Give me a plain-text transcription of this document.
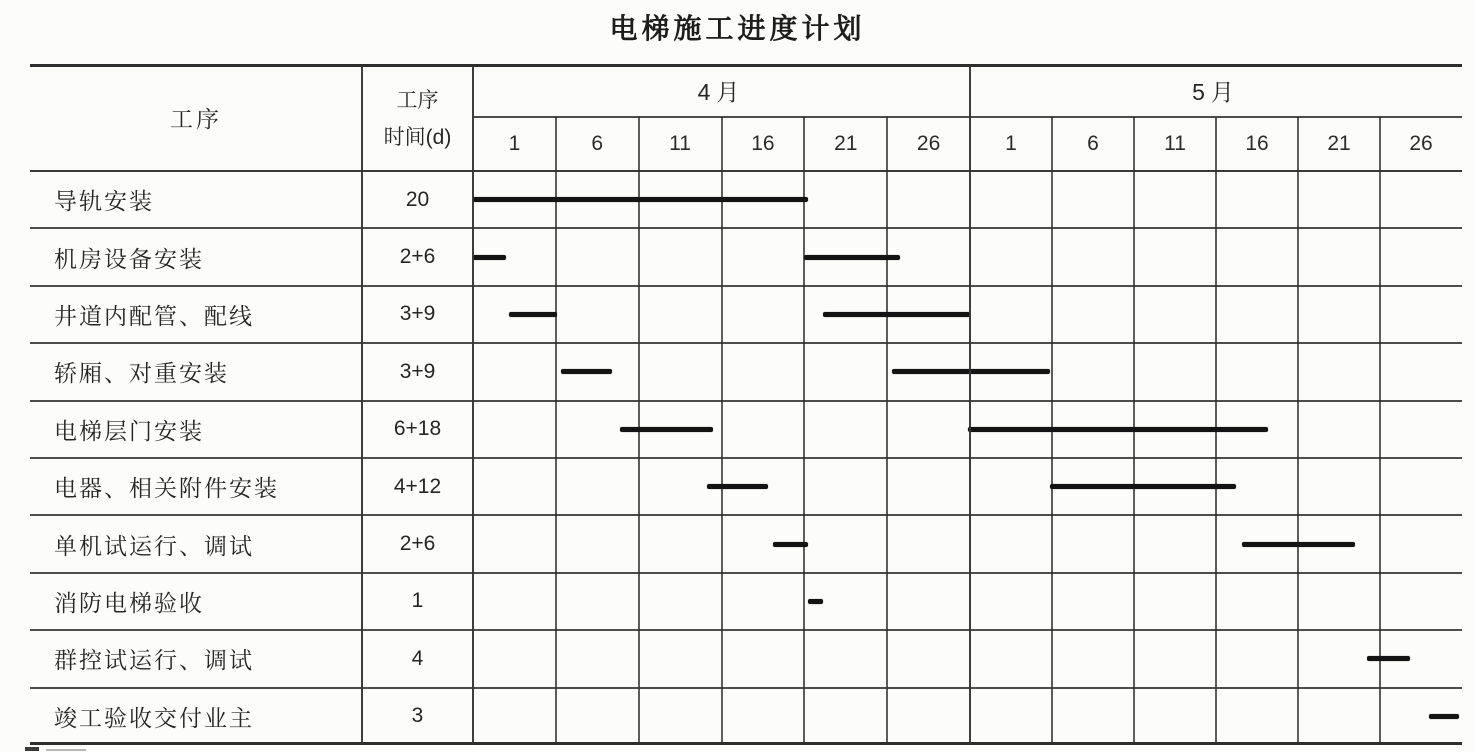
电梯施工进度计划
工序
工序
时间(d)
4月
1	6	11	16	21	26
5月
1	6	11	16	21	26
导轨安装	20
机房设备安装	2+6
井道内配管、配线	3+9
轿厢、对重安装	3+9
电梯层门安装	6+18
电器、相关附件安装	4+12
单机试运行、调试	2+6
消防电梯验收	1
群控试运行、调试	4
竣工验收交付业主	3
